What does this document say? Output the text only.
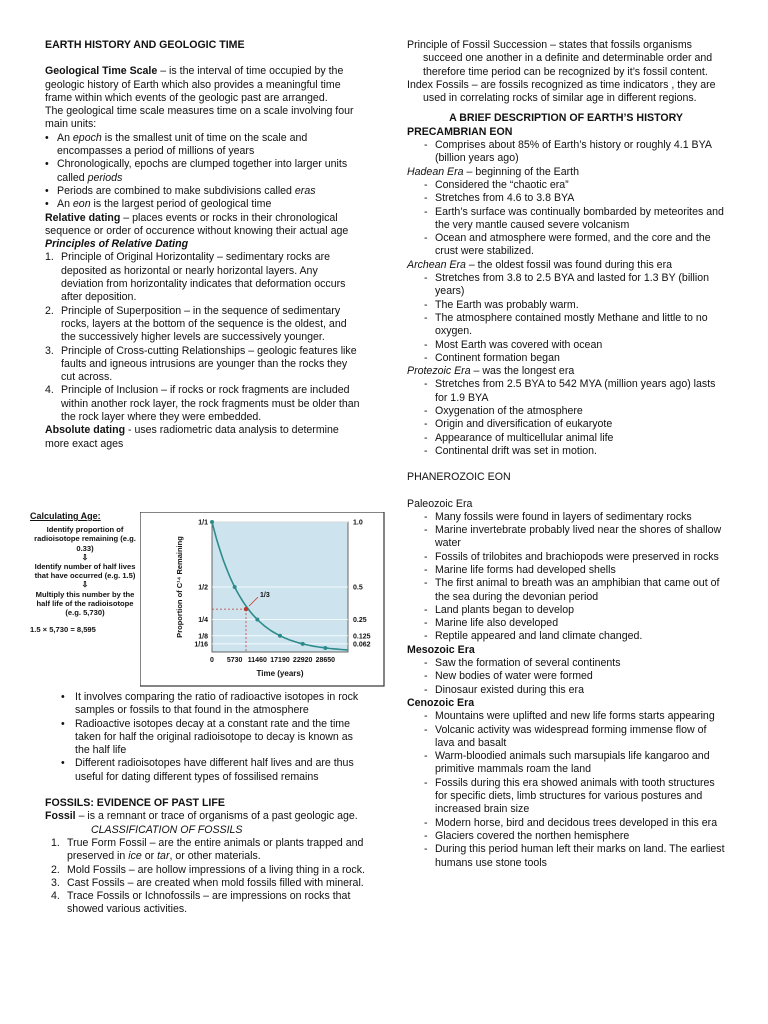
EARTH HISTORY AND GEOLOGIC TIME

Geological Time Scale – is the interval of time occupied by the geologic history of Earth which also provides a meaningful time frame within which events of the geologic past are arranged.

The geological time scale measures time on a scale involving four main units:

• An epoch is the smallest unit of time on the scale and encompasses a period of millions of years
• Chronologically, epochs are clumped together into larger units called periods
• Periods are combined to make subdivisions called eras
• An eon is the largest period of geological time

Relative dating – places events or rocks in their chronological sequence or order of occurence without knowing their actual age

Principles of Relative Dating

1. Principle of Original Horizontality – sedimentary rocks are deposited as horizontal or nearly horizontal layers. Any deviation from horizontality indicates that deformation occurs after deposition.
2. Principle of Superposition – in the sequence of sedimentary rocks, layers at the bottom of the sequence is the oldest, and the successively higher levels are successively younger.
3. Principle of Cross-cutting Relationships – geologic features like faults and igneous intrusions are younger than the rocks they cut across.
4. Principle of Inclusion – if rocks or rock fragments are included within another rock layer, the rock fragments must be older than the rock layer where they were embedded.

Absolute dating - uses radiometric data analysis to determine more exact ages

Calculating Age:
Identify proportion of radioisotope remaining (e.g. 0.33)
⇩
Identify number of half lives that have occurred (e.g. 1.5)
⇩
Multiply this number by the half life of the radioisotope (e.g. 5,730)
1.5 × 5,730 = 8,595
1/1
1/2
1/4
1/8
1/16
1.0
0.5
0.25
0.125
0.062
0 5730 11460 17190 22920 28650
Time (years)
Proportion of C¹⁴ Remaining	1/3
• It involves comparing the ratio of radioactive isotopes in rock samples or fossils to that found in the atmosphere
• Radioactive isotopes decay at a constant rate and the time taken for half the original radioisotope to decay is known as the half life
• Different radioisotopes have different half lives and are thus useful for dating different types of fossilised remains

FOSSILS: EVIDENCE OF PAST LIFE

Fossil – is a remnant or trace of organisms of a past geologic age.

CLASSIFICATION OF FOSSILS

1. True Form Fossil – are the entire animals or plants trapped and preserved in ice or tar, or other materials.
2. Mold Fossils – are hollow impressions of a living thing in a rock.
3. Cast Fossils – are created when mold fossils filled with mineral.
4. Trace Fossils or Ichnofossils – are impressions on rocks that showed various activities.

Principle of Fossil Succession – states that fossils organisms succeed one another in a definite and determinable order and therefore time period can be recognized by it’s fossil content.

Index Fossils – are fossils recognized as time indicators , they are used in correlating rocks of similar age in different regions.

A BRIEF DESCRIPTION OF EARTH’S HISTORY

PRECAMBRIAN EON

- Comprises about 85% of Earth’s history or roughly 4.1 BYA (billion years ago)

Hadean Era – beginning of the Earth

- Considered the “chaotic era”
- Stretches from 4.6 to 3.8 BYA
- Earth’s surface was continually bombarded by meteorites and the very mantle caused severe volcanism
- Ocean and atmosphere were formed, and the core and the crust were stabilized.

Archean Era – the oldest fossil was found during this era

- Stretches from 3.8 to 2.5 BYA and lasted for 1.3 BY (billion years)
- The Earth was probably warm.
- The atmosphere contained mostly Methane and little to no oxygen.
- Most Earth was covered with ocean
- Continent formation began

Protezoic Era – was the longest era

- Stretches from 2.5 BYA to 542 MYA (million years ago) lasts for 1.9 BYA
- Oxygenation of the atmosphere
- Origin and diversification of eukaryote
- Appearance of multicellular animal life
- Continental drift was set in motion.

PHANEROZOIC EON

Paleozoic Era

- Many fossils were found in layers of sedimentary rocks
- Marine invertebrate probably lived near the shores of shallow water
- Fossils of trilobites and brachiopods were preserved in rocks
- Marine life forms had developed shells
- The first animal to breath was an amphibian that came out of the sea during the devonian period
- Land plants began to develop
- Marine life also developed
- Reptile appeared and land climate changed.

Mesozoic Era

- Saw the formation of several continents
- New bodies of water were formed
- Dinosaur existed during this era

Cenozoic Era

- Mountains were uplifted and new life forms starts appearing
- Volcanic activity was widespread forming immense flow of lava and basalt
- Warm-bloodied animals such marsupials life kangaroo and primitive mammals roam the land
- Fossils during this era showed animals with tooth structures for specific diets, limb structures for various postures and increased brain size
- Modern horse, bird and decidous trees developed in this era
- Glaciers covered the northen hemisphere
- During this period human left their marks on land. The earliest humans use stone tools
